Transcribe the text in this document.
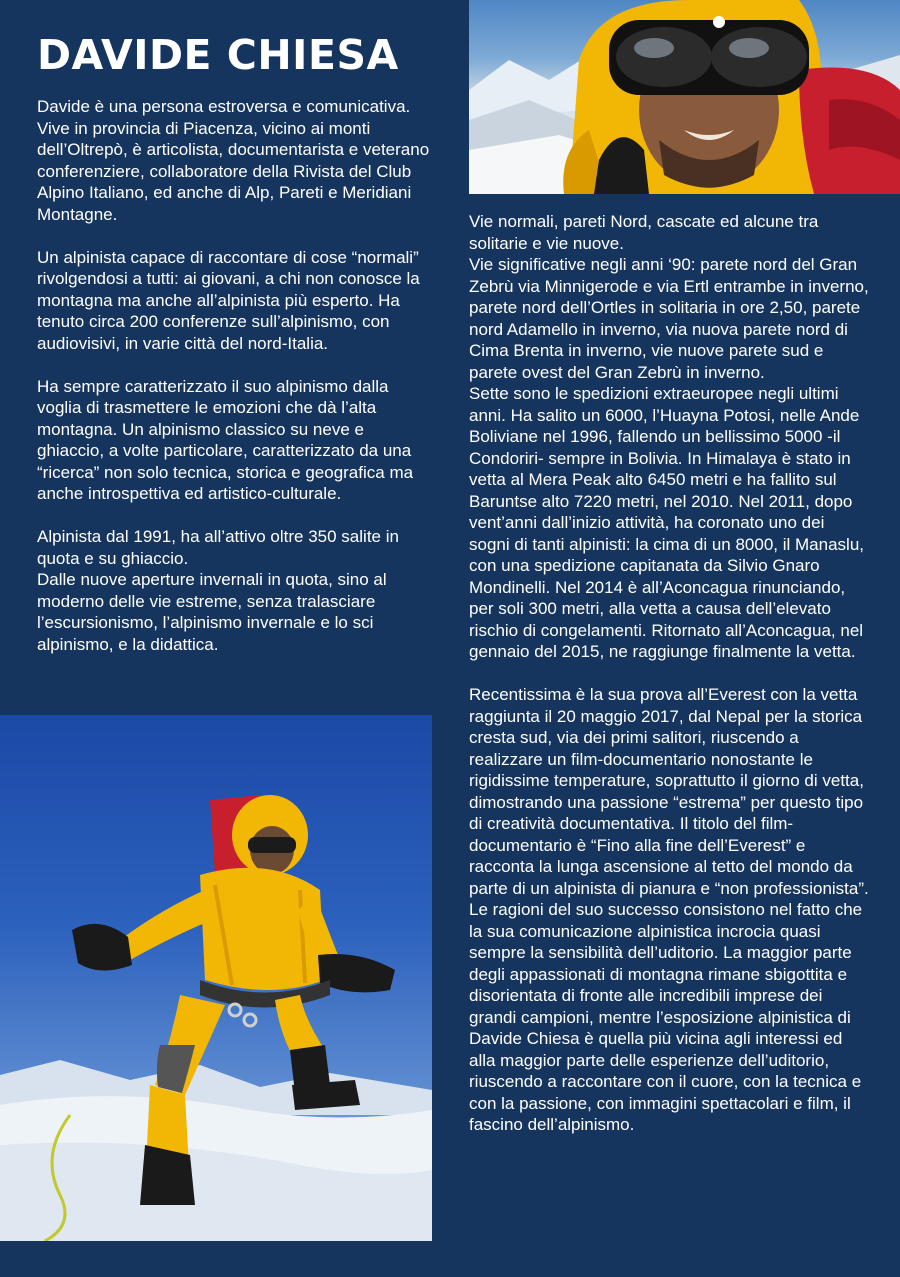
DAVIDE CHIESA

Davide è una persona estroversa e comunicativa.
Vive in provincia di Piacenza, vicino ai monti dell’Oltrepò, è articolista, documentarista e veterano conferenziere, collaboratore della Rivista del Club Alpino Italiano, ed anche di Alp, Pareti e Meridiani Montagne.

Un alpinista capace di raccontare di cose “normali” rivolgendosi a tutti: ai giovani, a chi non conosce la montagna ma anche all’alpinista più esperto. Ha tenuto circa 200 conferenze sull’alpinismo, con audiovisivi, in varie città del nord-Italia.

Ha sempre caratterizzato il suo alpinismo dalla voglia di trasmettere le emozioni che dà l’alta montagna. Un alpinismo classico su neve e ghiaccio, a volte particolare, caratterizzato da una “ricerca” non solo tecnica, storica e geografica ma anche introspettiva ed artistico-culturale.

Alpinista dal 1991, ha all’attivo oltre 350 salite in quota e su ghiaccio.
Dalle nuove aperture invernali in quota, sino al moderno delle vie estreme, senza tralasciare l’escursionismo, l’alpinismo invernale e lo sci alpinismo, e la didattica.

Vie normali, pareti Nord, cascate ed alcune tra solitarie e vie nuove.
Vie significative negli anni ‘90: parete nord del Gran Zebrù via Minnigerode e via Ertl entrambe in inverno, parete nord dell’Ortles in solitaria in ore 2,50, parete nord Adamello in inverno, via nuova parete nord di Cima Brenta in inverno, vie nuove parete sud e parete ovest del Gran Zebrù in inverno.
Sette sono le spedizioni extraeuropee negli ultimi anni. Ha salito un 6000, l’Huayna Potosi, nelle Ande Boliviane nel 1996, fallendo un bellissimo 5000 -il Condoriri- sempre in Bolivia. In Himalaya è stato in vetta al Mera Peak alto 6450 metri e ha fallito sul Baruntse alto 7220 metri, nel 2010. Nel 2011, dopo vent’anni dall’inizio attività, ha coronato uno dei sogni di tanti alpinisti: la cima di un 8000, il Manaslu, con una spedizione capitanata da Silvio Gnaro Mondinelli. Nel 2014 è all’Aconcagua rinunciando, per soli 300 metri, alla vetta a causa dell’elevato rischio di congelamenti. Ritornato all’Aconcagua, nel gennaio del 2015, ne raggiunge finalmente la vetta.

Recentissima è la sua prova all’Everest con la vetta raggiunta il 20 maggio 2017, dal Nepal per la storica cresta sud, via dei primi salitori, riuscendo a realizzare un film-documentario nonostante le rigidissime temperature, soprattutto il giorno di vetta, dimostrando una passione “estrema” per questo tipo di creatività documentativa. Il titolo del film-documentario è “Fino alla fine dell’Everest” e racconta la lunga ascensione al tetto del mondo da parte di un alpinista di pianura e “non professionista”.
Le ragioni del suo successo consistono nel fatto che la sua comunicazione alpinistica incrocia quasi sempre la sensibilità dell’uditorio. La maggior parte degli appassionati di montagna rimane sbigottita e disorientata di fronte alle incredibili imprese dei grandi campioni, mentre l’esposizione alpinistica di Davide Chiesa è quella più vicina agli interessi ed alla maggior parte delle esperienze dell’uditorio, riuscendo a raccontare con il cuore, con la tecnica e con la passione, con immagini spettacolari e film, il fascino dell’alpinismo.
